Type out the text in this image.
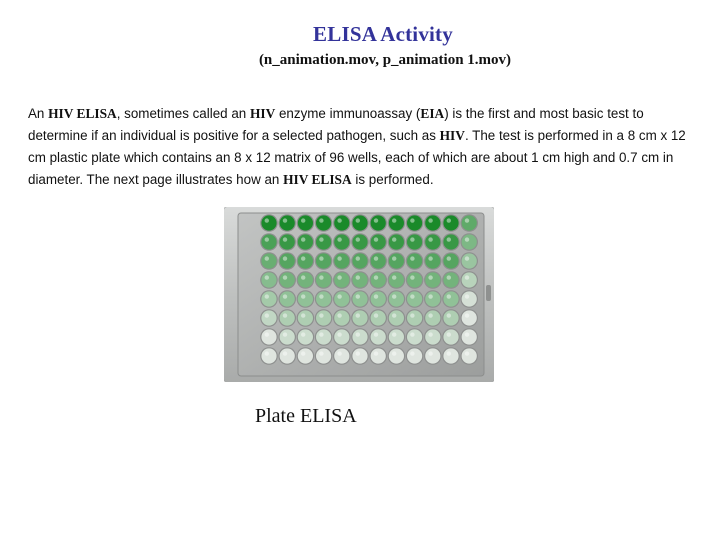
ELISA Activity
(n_animation.mov, p_animation 1.mov)
An HIV ELISA, sometimes called an HIV enzyme immunoassay (EIA) is the first and most basic test to determine if an individual is positive for a selected pathogen, such as HIV. The test is performed in a 8 cm x 12 cm plastic plate which contains an 8 x 12 matrix of 96 wells, each of which are about 1 cm high and 0.7 cm in diameter. The next page illustrates how an HIV ELISA is performed.
Plate ELISA
